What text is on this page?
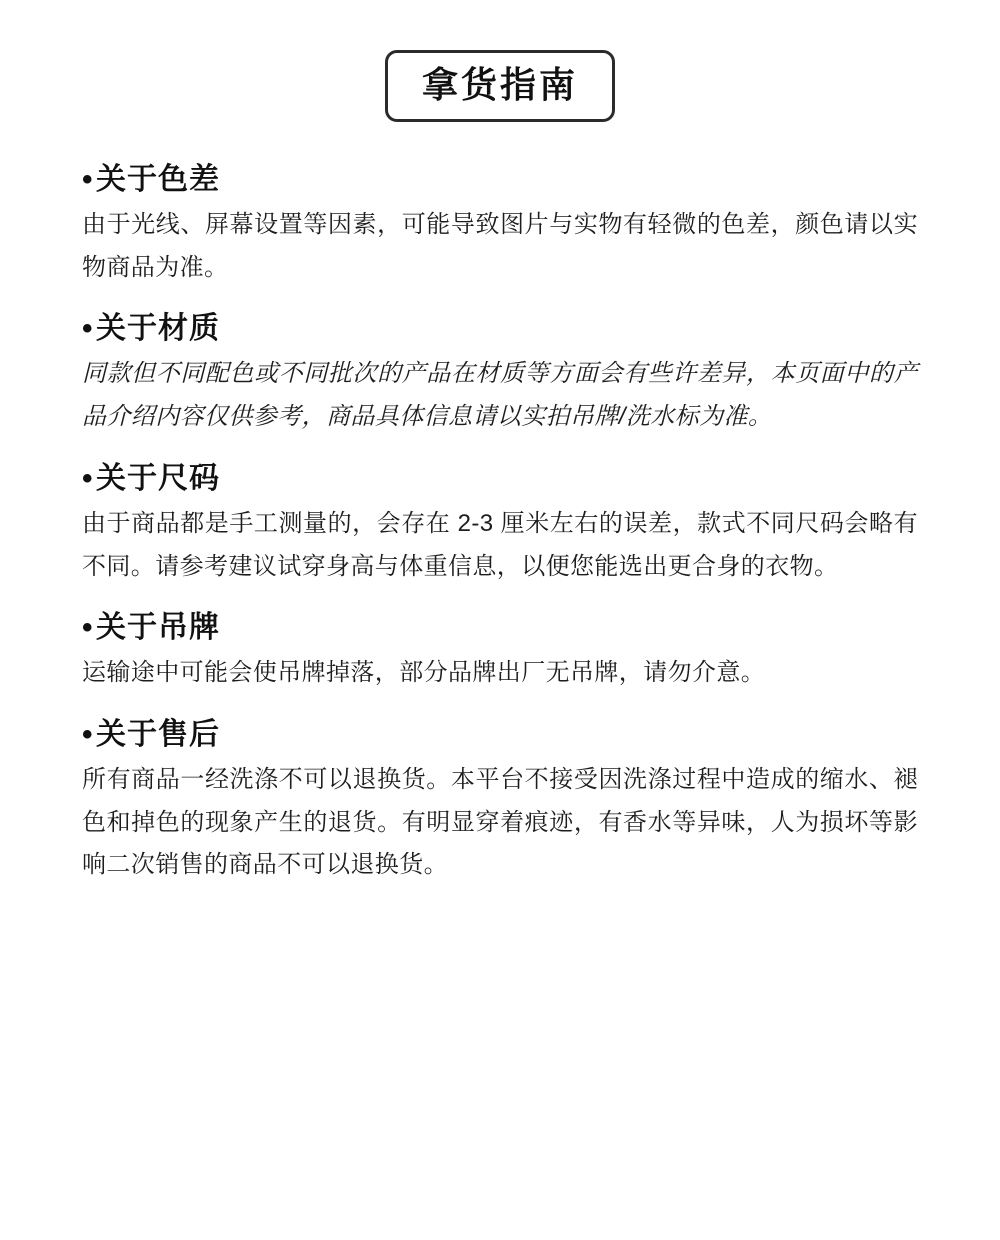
拿货指南
• 关于色差

由于光线、屏幕设置等因素，可能导致图片与实物有轻微的色差，颜色请以实物商品为准。

• 关于材质

同款但不同配色或不同批次的产品在材质等方面会有些许差异，本页面中的产品介绍内容仅供参考，商品具体信息请以实拍吊牌/洗水标为准。

• 关于尺码

由于商品都是手工测量的，会存在 2-3 厘米左右的误差，款式不同尺码会略有不同。请参考建议试穿身高与体重信息，以便您能选出更合身的衣物。

• 关于吊牌

运输途中可能会使吊牌掉落，部分品牌出厂无吊牌，请勿介意。

• 关于售后

所有商品一经洗涤不可以退换货。本平台不接受因洗涤过程中造成的缩水、褪色和掉色的现象产生的退货。有明显穿着痕迹，有香水等异味，人为损坏等影响二次销售的商品不可以退换货。
